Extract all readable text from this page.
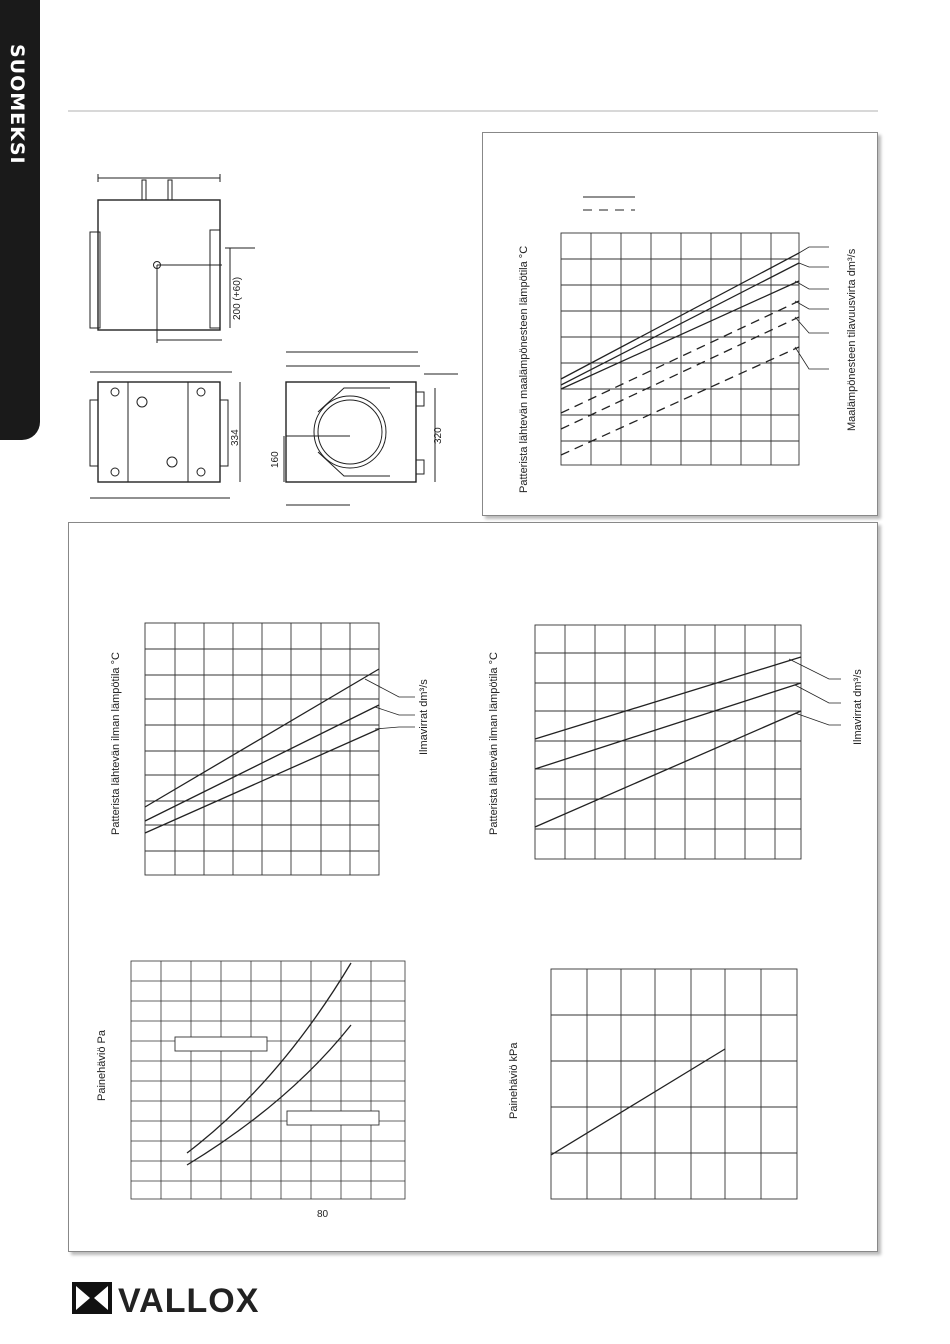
SUOMEKSI
200 (+60)
334	320
160	Patterista lähtevän maalämpönesteen lämpötila °C	Maalämpönesteen tilavuusvirta dm³/s
Patterista lähtevän ilman lämpötila °C	Ilmavirrat dm³/s	Patterista lähtevän ilman lämpötila °C	Ilmavirrat dm³/s
Painehäviö Pa
80
Painehäviö kPa
VALLOX
